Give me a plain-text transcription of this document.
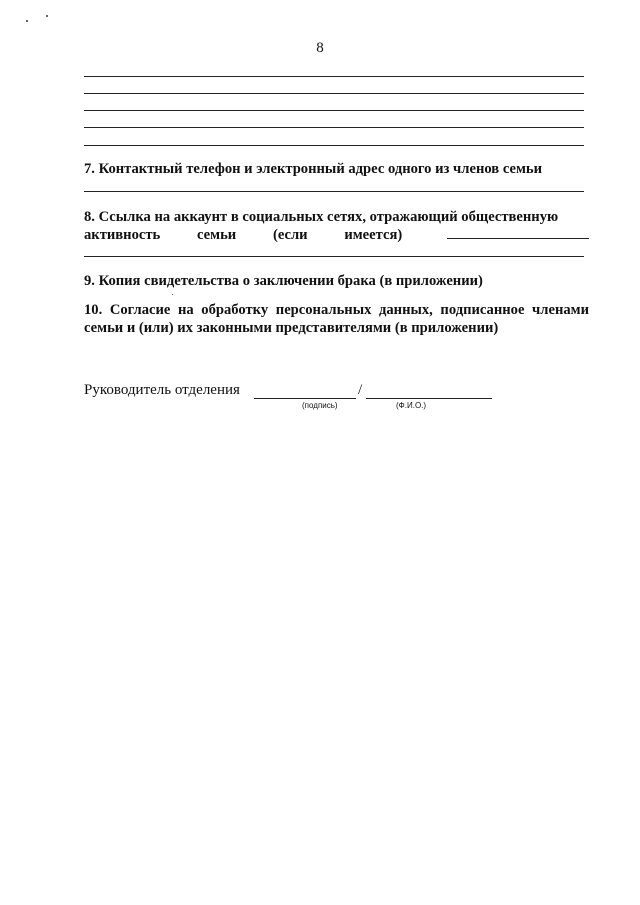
8
7. Контактный телефон и электронный адрес одного из членов семьи
8. Ссылка на аккаунт в социальных сетях, отражающий общественную
активность	семьи	(если	имеется)
9. Копия свидетельства о заключении брака (в приложении)
10. Согласие на обработку персональных данных, подписанное членами семьи и (или) их законными представителями (в приложении)
Руководитель отделения	/
(подпись)	(Ф.И.О.)
